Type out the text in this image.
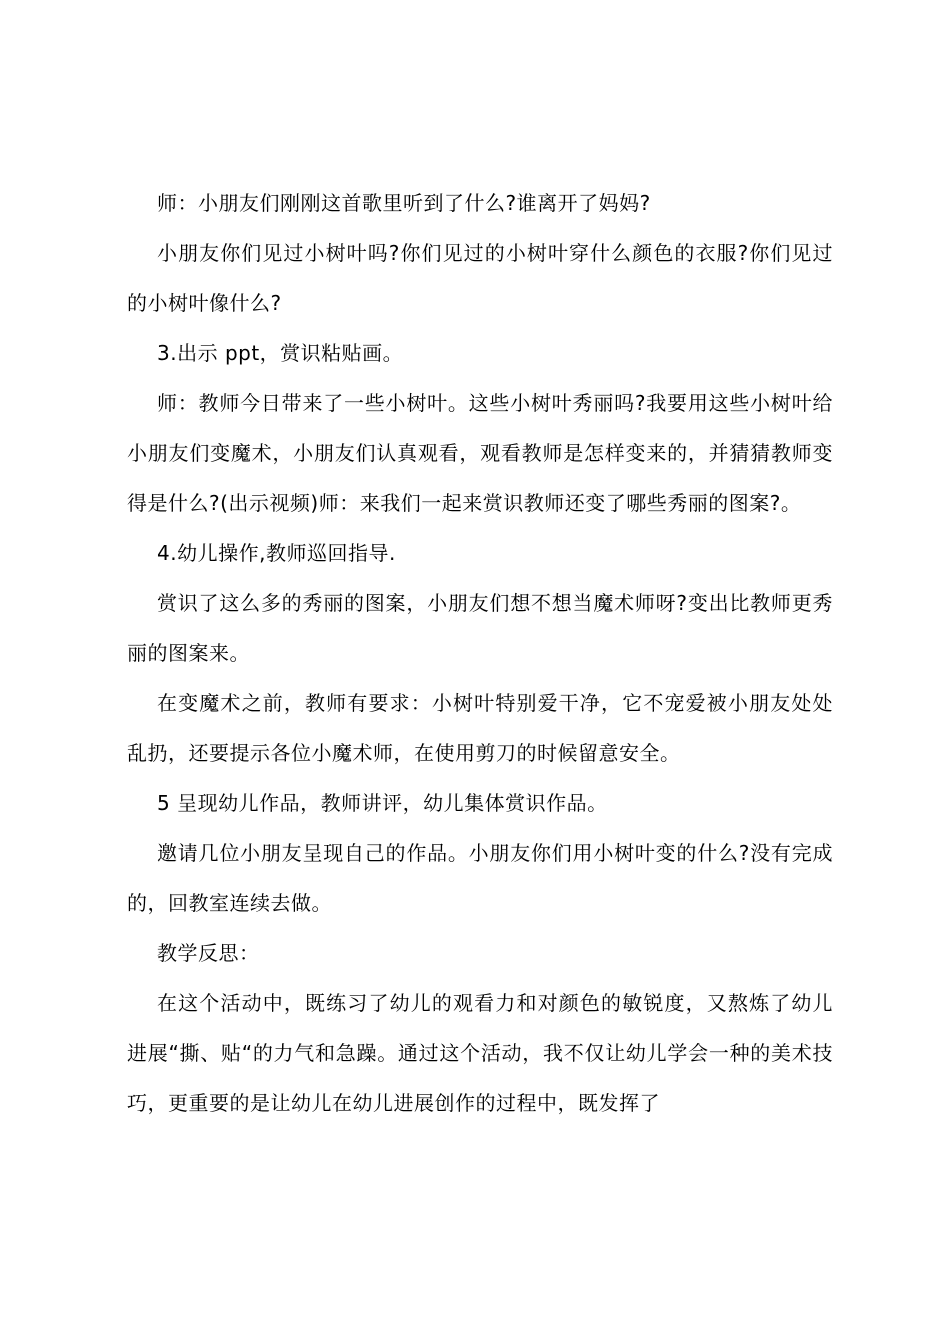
师：小朋友们刚刚这首歌里听到了什么?谁离开了妈妈?

小朋友你们见过小树叶吗?你们见过的小树叶穿什么颜色的衣服?你们见过的小树叶像什么?

3.出示 ppt，赏识粘贴画。

师：教师今日带来了一些小树叶。这些小树叶秀丽吗?我要用这些小树叶给小朋友们变魔术，小朋友们认真观看，观看教师是怎样变来的，并猜猜教师变得是什么?(出示视频)师：来我们一起来赏识教师还变了哪些秀丽的图案?。

4.幼儿操作,教师巡回指导.

赏识了这么多的秀丽的图案，小朋友们想不想当魔术师呀?变出比教师更秀丽的图案来。

在变魔术之前，教师有要求：小树叶特别爱干净，它不宠爱被小朋友处处乱扔，还要提示各位小魔术师，在使用剪刀的时候留意安全。

5 呈现幼儿作品，教师讲评，幼儿集体赏识作品。

邀请几位小朋友呈现自己的作品。小朋友你们用小树叶变的什么?没有完成的，回教室连续去做。

教学反思：

在这个活动中，既练习了幼儿的观看力和对颜色的敏锐度，又熬炼了幼儿进展“撕、贴“的力气和急躁。通过这个活动，我不仅让幼儿学会一种的美术技巧，更重要的是让幼儿在幼儿进展创作的过程中，既发挥了
